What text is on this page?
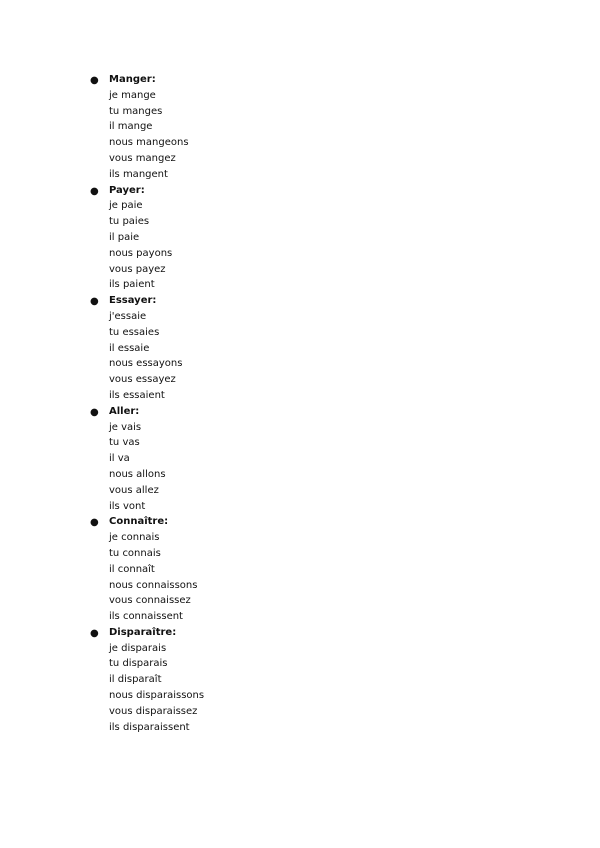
●	Manger:
je mange
tu manges
il mange
nous mangeons
vous mangez
ils mangent
●	Payer:
je paie
tu paies
il paie
nous payons
vous payez
ils paient
●	Essayer:
j'essaie
tu essaies
il essaie
nous essayons
vous essayez
ils essaient
●	Aller:
je vais
tu vas
il va
nous allons
vous allez
ils vont
●	Connaître:
je connais
tu connais
il connaît
nous connaissons
vous connaissez
ils connaissent
●	Disparaître:
je disparais
tu disparais
il disparaît
nous disparaissons
vous disparaissez
ils disparaissent
